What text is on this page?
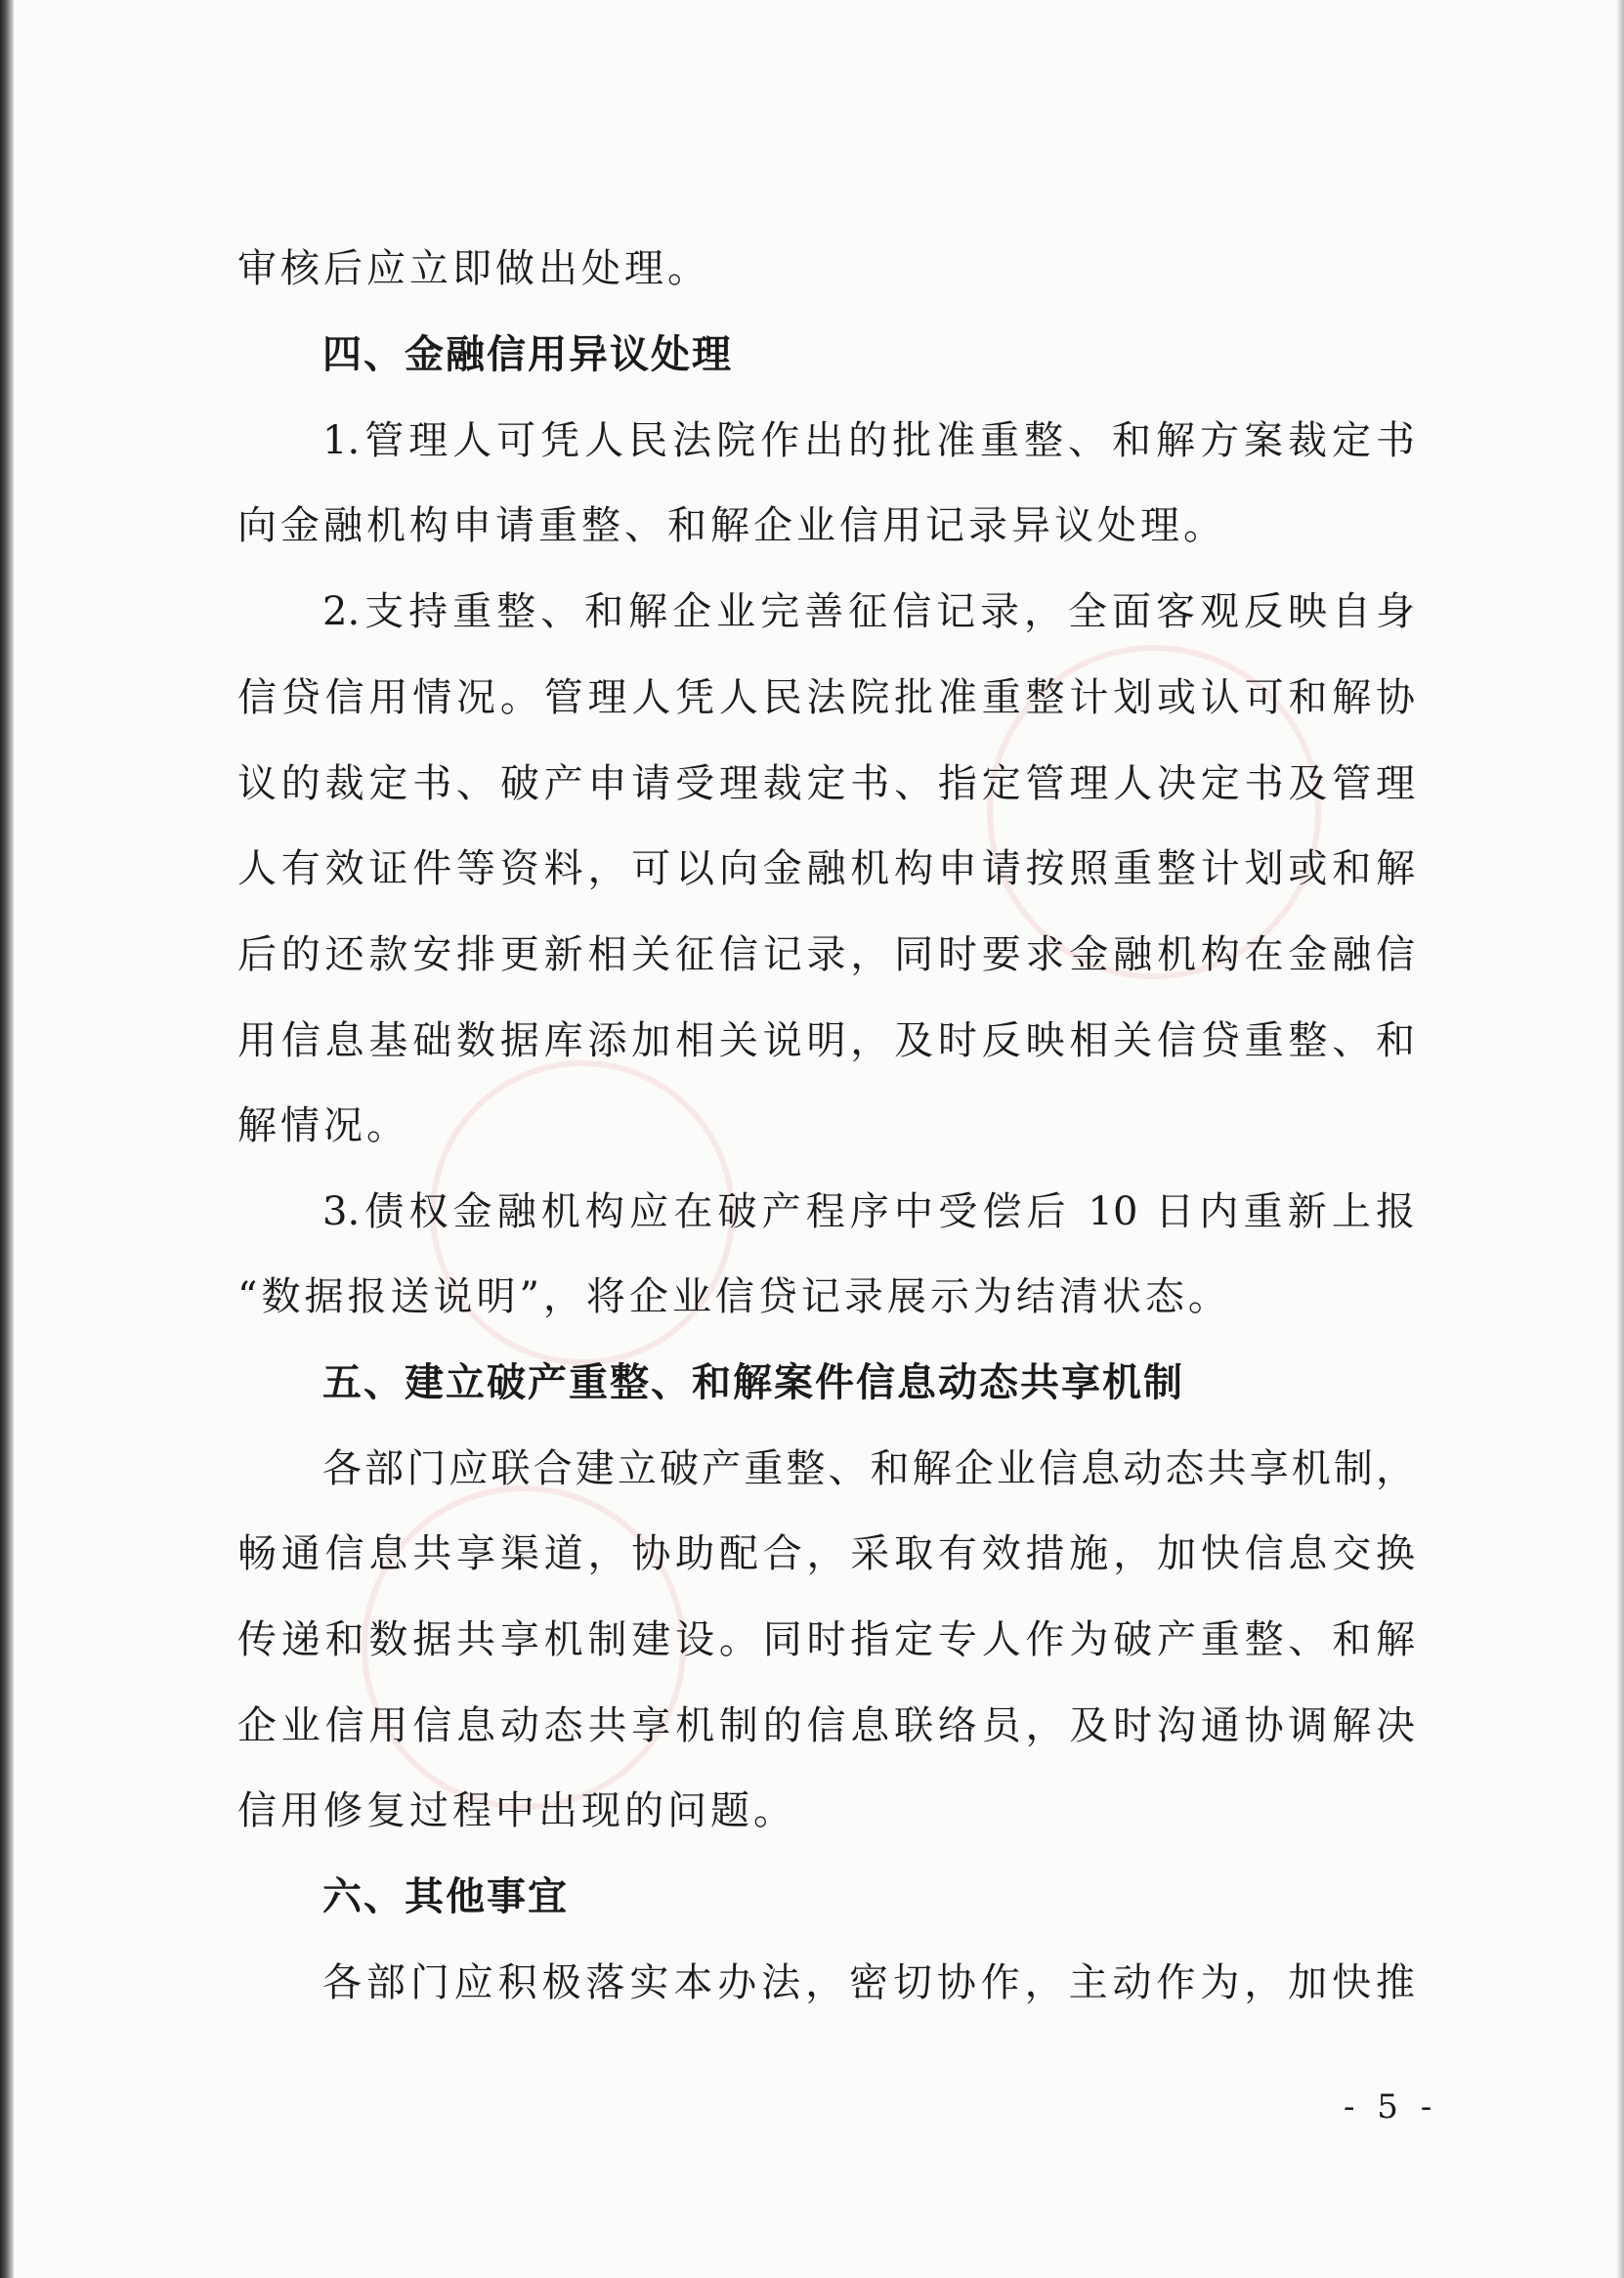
审核后应立即做出处理。
四、金融信用异议处理
1.管理人可凭人民法院作出的批准重整、和解方案裁定书
向金融机构申请重整、和解企业信用记录异议处理。
2.支持重整、和解企业完善征信记录，全面客观反映自身
信贷信用情况。管理人凭人民法院批准重整计划或认可和解协
议的裁定书、破产申请受理裁定书、指定管理人决定书及管理
人有效证件等资料，可以向金融机构申请按照重整计划或和解
后的还款安排更新相关征信记录，同时要求金融机构在金融信
用信息基础数据库添加相关说明，及时反映相关信贷重整、和
解情况。
3.债权金融机构应在破产程序中受偿后 10 日内重新上报
“数据报送说明”，将企业信贷记录展示为结清状态。
五、建立破产重整、和解案件信息动态共享机制
各部门应联合建立破产重整、和解企业信息动态共享机制，
畅通信息共享渠道，协助配合，采取有效措施，加快信息交换
传递和数据共享机制建设。同时指定专人作为破产重整、和解
企业信用信息动态共享机制的信息联络员，及时沟通协调解决
信用修复过程中出现的问题。
六、其他事宜
各部门应积极落实本办法，密切协作，主动作为，加快推
- 5 -
